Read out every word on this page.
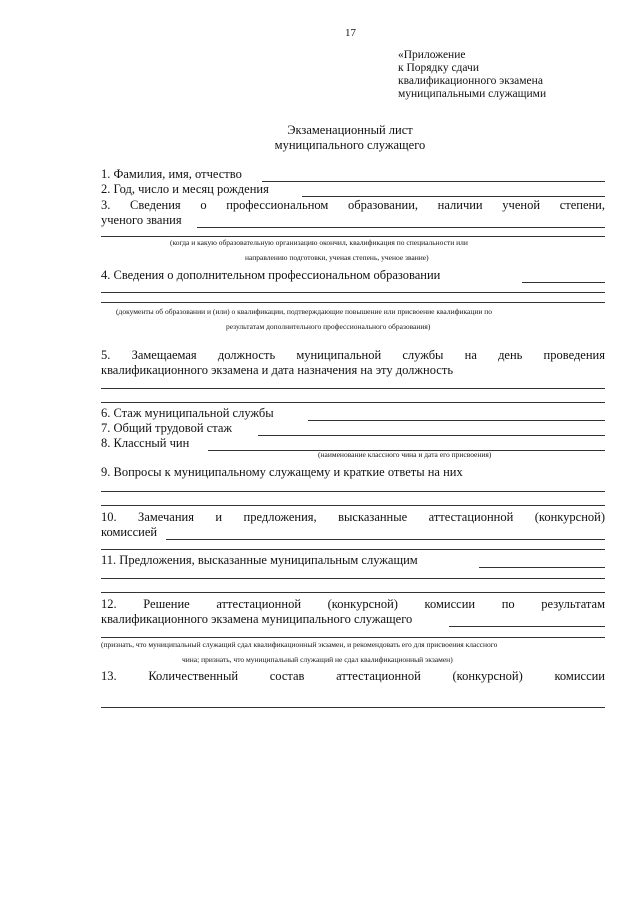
17
«Приложение
к Порядку сдачи
квалификационного экзамена
муниципальными служащими
Экзаменационный лист
муниципального служащего
1. Фамилия, имя, отчество
2. Год, число и месяц рождения
3. Сведения о профессиональном образовании, наличии ученой степени,
ученого звания
(когда и какую образовательную организацию окончил, квалификация по специальности или
направлению подготовки, ученая степень, ученое звание)
4. Сведения о дополнительном профессиональном образовании
(документы об образовании и (или) о квалификации, подтверждающие повышение или присвоение квалификации по
результатам дополнительного профессионального образования)
5. Замещаемая должность муниципальной службы на день проведения
квалификационного экзамена и дата назначения на эту должность
6. Стаж муниципальной службы
7. Общий трудовой стаж
8. Классный чин
(наименование классного чина и дата его присвоения)
9. Вопросы к муниципальному служащему и краткие ответы на них
10. Замечания и предложения, высказанные аттестационной (конкурсной)
комиссией
11. Предложения, высказанные муниципальным служащим
12. Решение аттестационной (конкурсной) комиссии по результатам
квалификационного экзамена муниципального служащего
(признать, что муниципальный служащий сдал квалификационный экзамен, и рекомендовать его для присвоения классного
чина; признать, что муниципальный служащий не сдал квалификационный экзамен)
13. Количественный состав аттестационной (конкурсной) комиссии
